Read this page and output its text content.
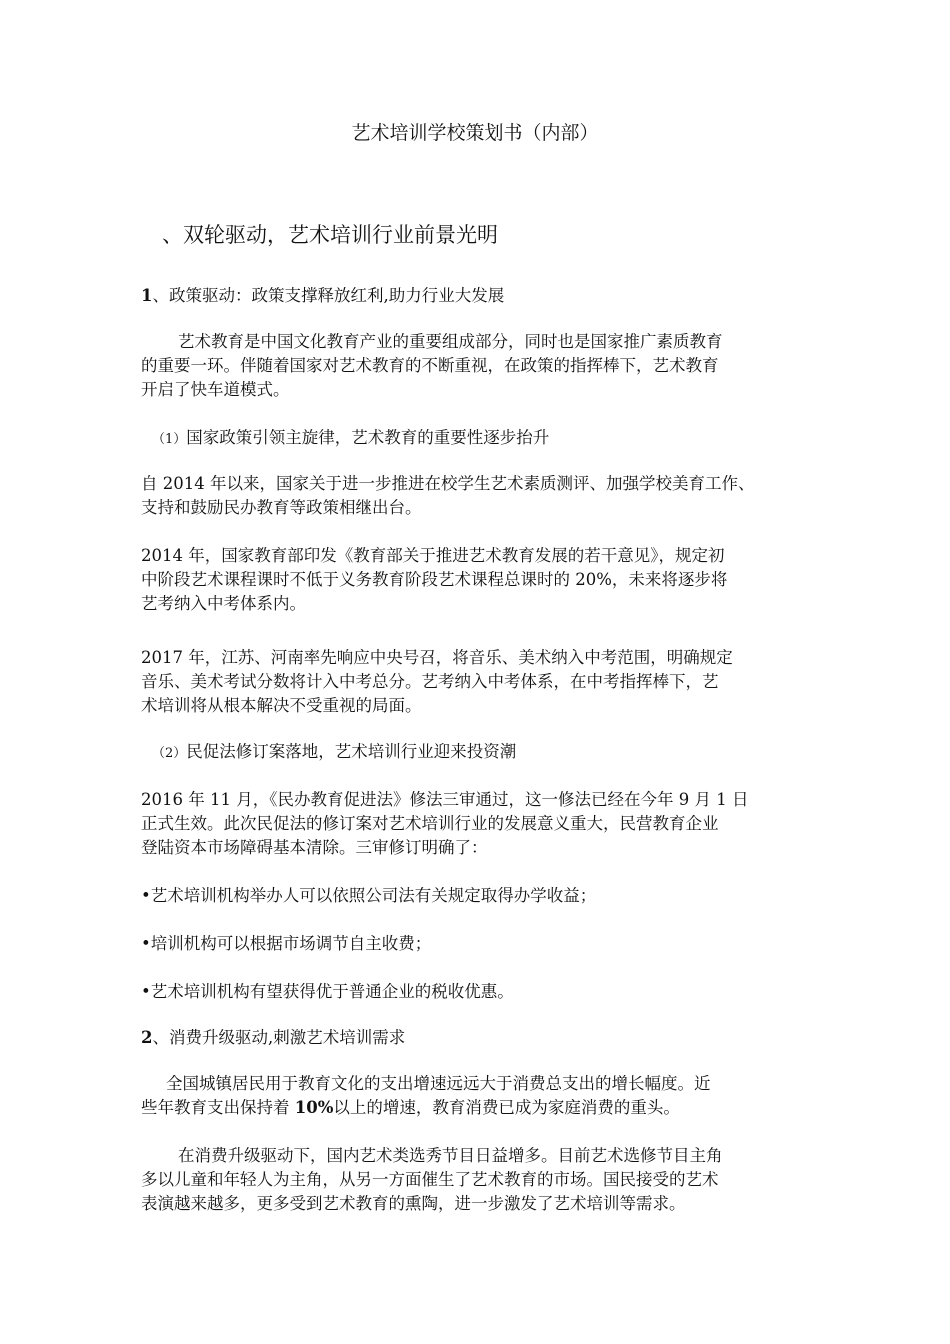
艺术培训学校策划书（内部）
、双轮驱动，艺术培训行业前景光明
1、政策驱动：政策支撑释放红利,助力行业大发展
艺术教育是中国文化教育产业的重要组成部分，同时也是国家推广素质教育
的重要一环。伴随着国家对艺术教育的不断重视，在政策的指挥棒下，艺术教育
开启了快车道模式。
（1）国家政策引领主旋律，艺术教育的重要性逐步抬升
自 2014 年以来，国家关于进一步推进在校学生艺术素质测评、加强学校美育工作、
支持和鼓励民办教育等政策相继出台。
2014 年，国家教育部印发《教育部关于推进艺术教育发展的若干意见》，规定初
中阶段艺术课程课时不低于义务教育阶段艺术课程总课时的 20%，未来将逐步将
艺考纳入中考体系内。
2017 年，江苏、河南率先响应中央号召，将音乐、美术纳入中考范围，明确规定
音乐、美术考试分数将计入中考总分。艺考纳入中考体系，在中考指挥棒下，艺
术培训将从根本解决不受重视的局面。
（2）民促法修订案落地，艺术培训行业迎来投资潮
2016 年 11 月，《民办教育促进法》修法三审通过，这一修法已经在今年 9 月 1 日
正式生效。此次民促法的修订案对艺术培训行业的发展意义重大，民营教育企业
登陆资本市场障碍基本清除。三审修订明确了：
•艺术培训机构举办人可以依照公司法有关规定取得办学收益；
•培训机构可以根据市场调节自主收费；
•艺术培训机构有望获得优于普通企业的税收优惠。
2、消费升级驱动,刺激艺术培训需求
全国城镇居民用于教育文化的支出增速远远大于消费总支出的增长幅度。近
些年教育支出保持着 10%以上的增速，教育消费已成为家庭消费的重头。
在消费升级驱动下，国内艺术类选秀节目日益增多。目前艺术选修节目主角
多以儿童和年轻人为主角，从另一方面催生了艺术教育的市场。国民接受的艺术
表演越来越多，更多受到艺术教育的熏陶，进一步激发了艺术培训等需求。
